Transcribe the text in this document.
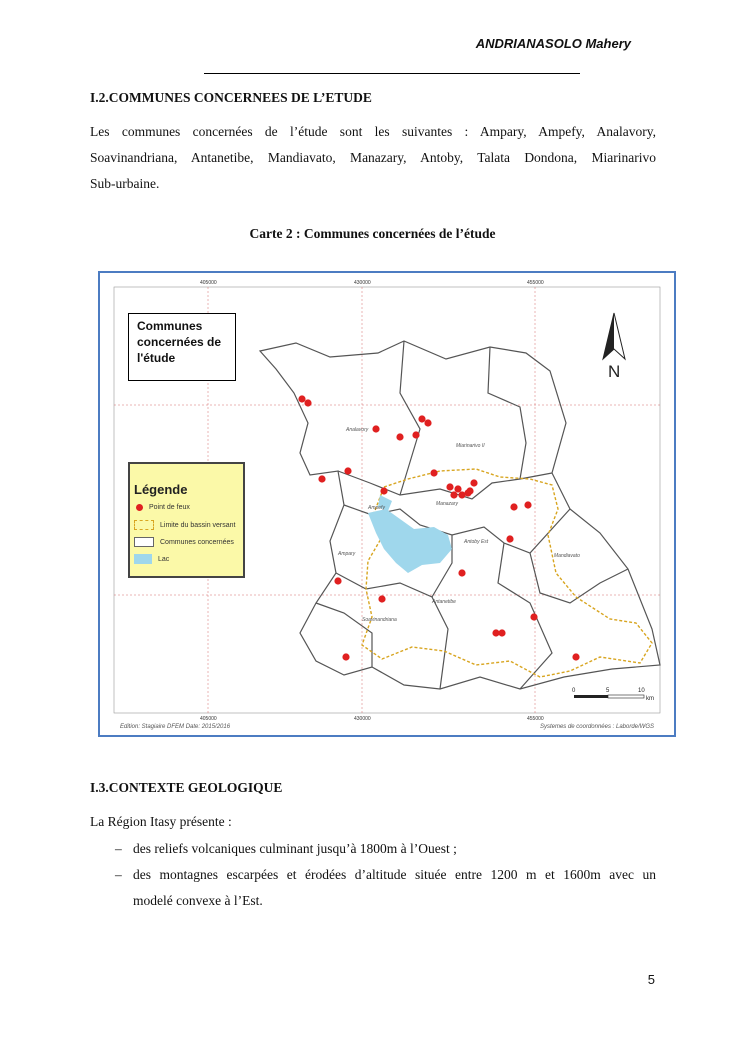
ANDRIANASOLO Mahery
I.2.COMMUNES CONCERNEES DE L’ETUDE
Les communes concernées de l’étude sont les suivantes : Ampary, Ampefy, Analavory,
Soavinandriana, Antanetibe, Mandiavato, Manazary, Antoby, Talata Dondona, Miarinarivo
Sub-urbaine.
Carte 2 : Communes concernées de l’étude
405000	430000	455000
405000	430000	455000
Analavory
Miarinarivo II
Ampefy
Manazary
Ampary
Antoby Est
Mandiavato
Antanetibe
Soavinandriana
N
0	5	10
km
Communes concernées de l'étude
Légende
Point de feux
Limite du bassin versant
Communes concernées
Lac
Edition: Stagiaire DFEM Date: 2015/2016	Systemes de coordonnées : Laborde/WGS
I.3.CONTEXTE GEOLOGIQUE
La Région Itasy présente :
– des reliefs volcaniques culminant jusqu’à 1800m à l’Ouest ;
– des montagnes escarpées et érodées d’altitude située entre 1200 m et 1600m avec un
modelé convexe à l’Est.
5
